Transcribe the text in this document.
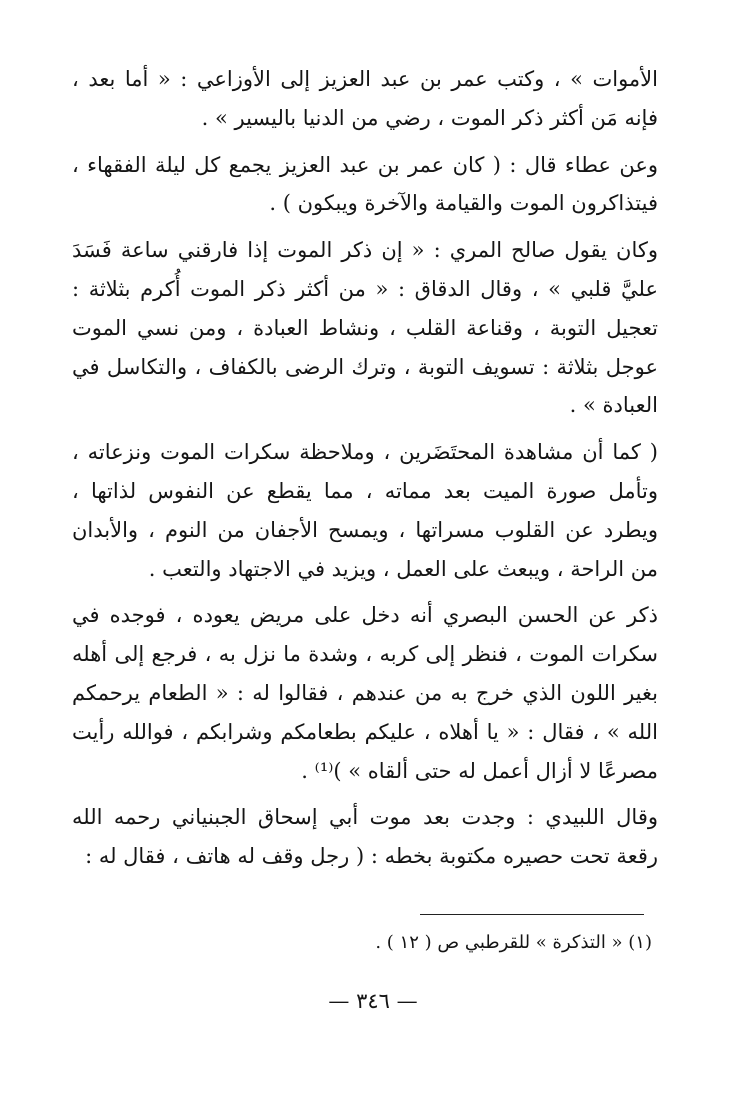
الأموات » ، وكتب عمر بن عبد العزيز إلى الأوزاعي : « أما بعد ، فإنه مَن أكثر ذكر الموت ، رضي من الدنيا باليسير » .

وعن عطاء قال : ( كان عمر بن عبد العزيز يجمع كل ليلة الفقهاء ، فيتذاكرون الموت والقيامة والآخرة ويبكون ) .

وكان يقول صالح المري : « إن ذكر الموت إذا فارقني ساعة فَسَدَ عليَّ قلبي » ، وقال الدقاق : « من أكثر ذكر الموت أُكرم بثلاثة : تعجيل التوبة ، وقناعة القلب ، ونشاط العبادة ، ومن نسي الموت عوجل بثلاثة : تسويف التوبة ، وترك الرضى بالكفاف ، والتكاسل في العبادة » .

( كما أن مشاهدة المحتَضَرين ، وملاحظة سكرات الموت ونزعاته ، وتأمل صورة الميت بعد مماته ، مما يقطع عن النفوس لذاتها ، ويطرد عن القلوب مسراتها ، ويمسح الأجفان من النوم ، والأبدان من الراحة ، ويبعث على العمل ، ويزيد في الاجتهاد والتعب .

ذكر عن الحسن البصري أنه دخل على مريض يعوده ، فوجده في سكرات الموت ، فنظر إلى كربه ، وشدة ما نزل به ، فرجع إلى أهله بغير اللون الذي خرج به من عندهم ، فقالوا له : « الطعام يرحمكم الله » ، فقال : « يا أهلاه ، عليكم بطعامكم وشرابكم ، فوالله رأيت مصرعًا لا أزال أعمل له حتى ألقاه » )⁽¹⁾ .

وقال اللبيدي : وجدت بعد موت أبي إسحاق الجبنياني رحمه الله رقعة تحت حصيره مكتوبة بخطه : ( رجل وقف له هاتف ، فقال له :

(١) « التذكرة » للقرطبي ص ( ١٢ ) .
— ٣٤٦ —
